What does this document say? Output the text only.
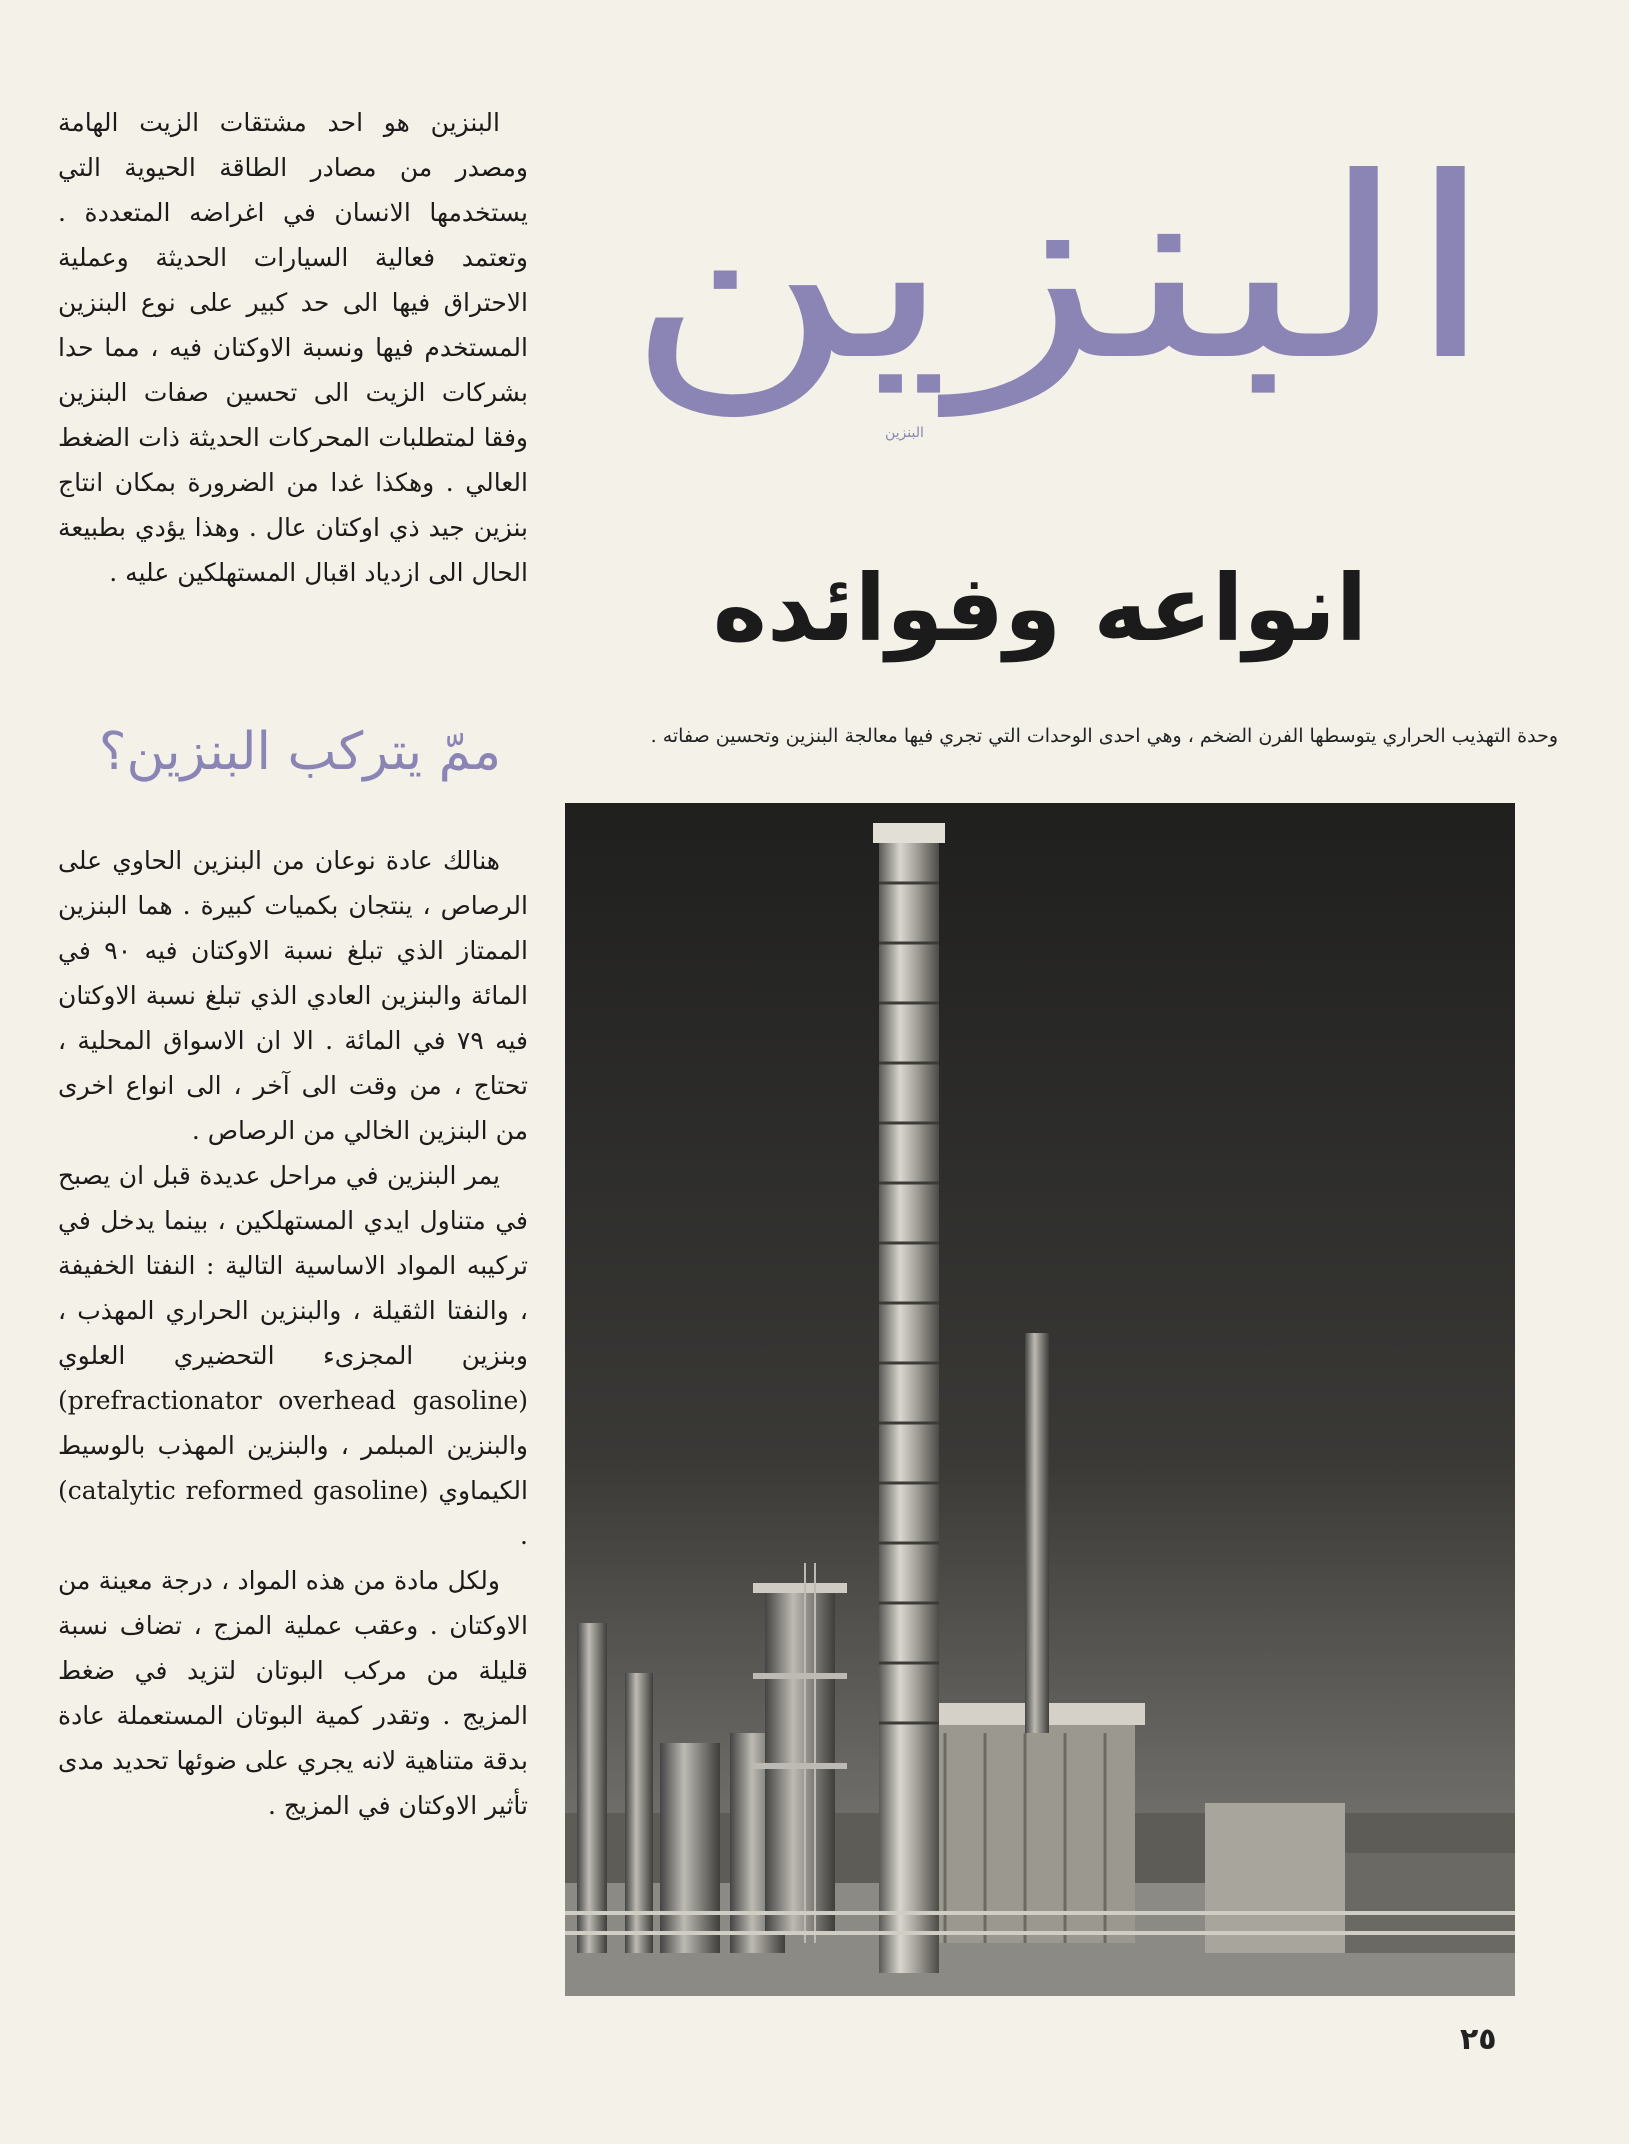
البنزين
البنزين
انواعه وفوائده

البنزين هو احد مشتقات الزيت الهامة ومصدر من مصادر الطاقة الحيوية التي يستخدمها الانسان في اغراضه المتعددة . وتعتمد فعالية السيارات الحديثة وعملية الاحتراق فيها الى حد كبير على نوع البنزين المستخدم فيها ونسبة الاوكتان فيه ، مما حدا بشركات الزيت الى تحسين صفات البنزين وفقا لمتطلبات المحركات الحديثة ذات الضغط العالي . وهكذا غدا من الضرورة بمكان انتاج بنزين جيد ذي اوكتان عال . وهذا يؤدي بطبيعة الحال الى ازدياد اقبال المستهلكين عليه .

ممّ يتركب البنزين؟

هنالك عادة نوعان من البنزين الحاوي على الرصاص ، ينتجان بكميات كبيرة . هما البنزين الممتاز الذي تبلغ نسبة الاوكتان فيه ٩٠ في المائة والبنزين العادي الذي تبلغ نسبة الاوكتان فيه ٧٩ في المائة . الا ان الاسواق المحلية ، تحتاج ، من وقت الى آخر ، الى انواع اخرى من البنزين الخالي من الرصاص .

يمر البنزين في مراحل عديدة قبل ان يصبح في متناول ايدي المستهلكين ، بينما يدخل في تركيبه المواد الاساسية التالية : النفتا الخفيفة ، والنفتا الثقيلة ، والبنزين الحراري المهذب ، وبنزين المجزىء التحضيري العلوي (prefractionator overhead gasoline) والبنزين المبلمر ، والبنزين المهذب بالوسيط الكيماوي (catalytic reformed gasoline) .

ولكل مادة من هذه المواد ، درجة معينة من الاوكتان . وعقب عملية المزج ، تضاف نسبة قليلة من مركب البوتان لتزيد في ضغط المزيج . وتقدر كمية البوتان المستعملة عادة بدقة متناهية لانه يجري على ضوئها تحديد مدى تأثير الاوكتان في المزيج .

وحدة التهذيب الحراري يتوسطها الفرن الضخم ، وهي احدى الوحدات التي تجري فيها معالجة البنزين وتحسين صفاته .
٢٥
